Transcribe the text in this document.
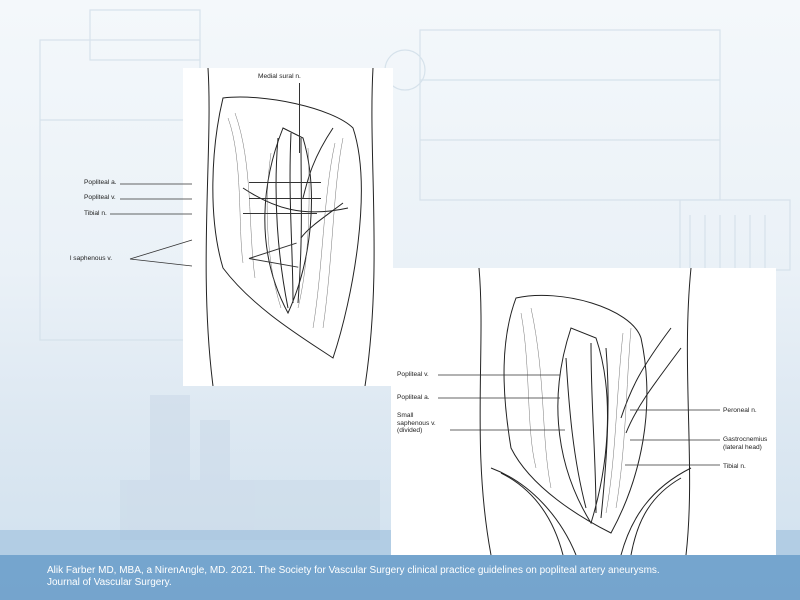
Medial sural n.
Popliteal a.
Popliteal v.
Tibial n.
l saphenous v.
Popliteal v.
Popliteal a.
Small saphenous v. (divided)
Peroneal n.
Gastrocnemius (lateral head)
Tibial n.
Alik Farber MD, MBA, a NirenAngle, MD. 2021. The Society for Vascular Surgery clinical practice guidelines on popliteal artery aneurysms.
Journal of Vascular Surgery.
